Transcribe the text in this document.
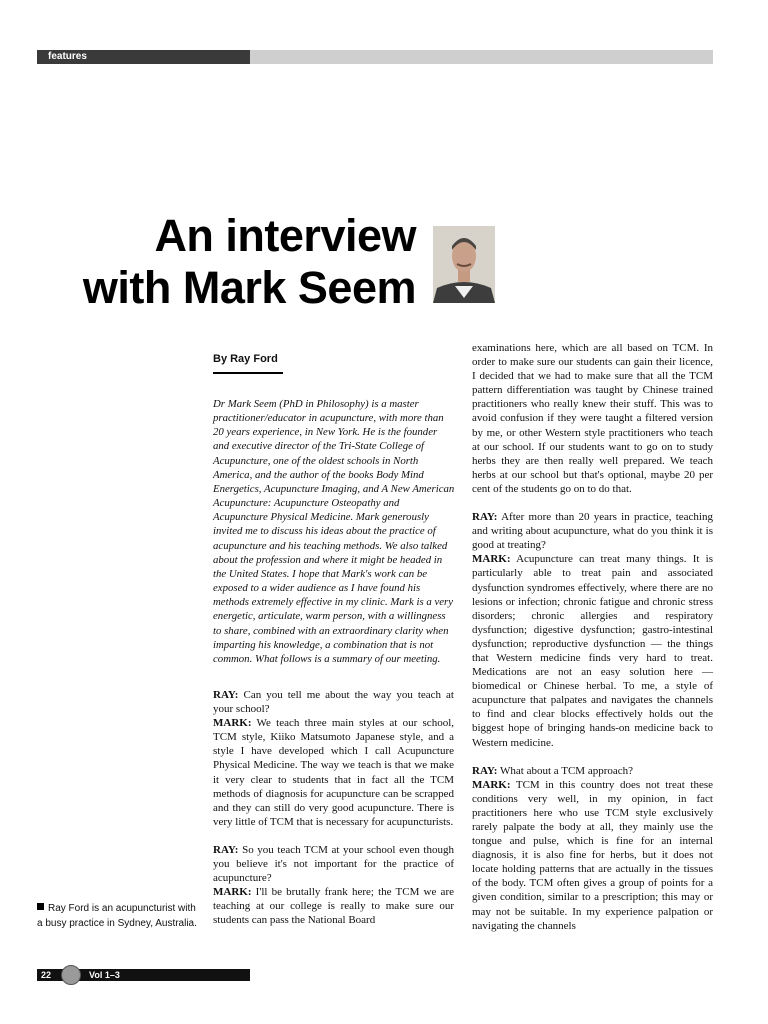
features
An interview
with Mark Seem
By Ray Ford

Dr Mark Seem (PhD in Philosophy) is a master practitioner/educator in acupuncture, with more than 20 years experience, in New York. He is the founder and executive director of the Tri-State College of Acupuncture, one of the oldest schools in North America, and the author of the books Body Mind Energetics, Acupuncture Imaging, and A New American Acupuncture: Acupuncture Osteopathy and Acupuncture Physical Medicine. Mark generously invited me to discuss his ideas about the practice of acupuncture and his teaching methods. We also talked about the profession and where it might be headed in the United States. I hope that Mark's work can be exposed to a wider audience as I have found his methods extremely effective in my clinic. Mark is a very energetic, articulate, warm person, with a willingness to share, combined with an extraordinary clarity when imparting his knowledge, a combination that is not common. What follows is a summary of our meeting.

RAY: Can you tell me about the way you teach at your school?
MARK: We teach three main styles at our school, TCM style, Kiiko Matsumoto Japanese style, and a style I have developed which I call Acupuncture Physical Medicine. The way we teach is that we make it very clear to students that in fact all the TCM methods of diagnosis for acupuncture can be scrapped and they can still do very good acupuncture. There is very little of TCM that is necessary for acupuncturists.

RAY: So you teach TCM at your school even though you believe it's not important for the practice of acupuncture?
MARK: I'll be brutally frank here; the TCM we are teaching at our college is really to make sure our students can pass the National Board

examinations here, which are all based on TCM. In order to make sure our students can gain their licence, I decided that we had to make sure that all the TCM pattern differentiation was taught by Chinese trained practitioners who really knew their stuff. This was to avoid confusion if they were taught a filtered version by me, or other Western style practitioners who teach at our school. If our students want to go on to study herbs they are then really well prepared. We teach herbs at our school but that's optional, maybe 20 per cent of the students go on to do that.

RAY: After more than 20 years in practice, teaching and writing about acupuncture, what do you think it is good at treating?
MARK: Acupuncture can treat many things. It is particularly able to treat pain and associated dysfunction syndromes effectively, where there are no lesions or infection; chronic fatigue and chronic stress disorders; chronic allergies and respiratory dysfunction; digestive dysfunction; gastro-intestinal dysfunction; reproductive dysfunction — the things that Western medicine finds very hard to treat. Medications are not an easy solution here — biomedical or Chinese herbal. To me, a style of acupuncture that palpates and navigates the channels to find and clear blocks effectively holds out the biggest hope of bringing hands-on medicine back to Western medicine.

RAY: What about a TCM approach?
MARK: TCM in this country does not treat these conditions very well, in my opinion, in fact practitioners here who use TCM style exclusively rarely palpate the body at all, they mainly use the tongue and pulse, which is fine for an internal diagnosis, it is also fine for herbs, but it does not locate holding patterns that are actually in the tissues of the body. TCM often gives a group of points for a given condition, similar to a prescription; this may or may not be suitable. In my experience palpation or navigating the channels

Ray Ford is an acupuncturist with a busy practice in Sydney, Australia.
22	Vol 1–3
